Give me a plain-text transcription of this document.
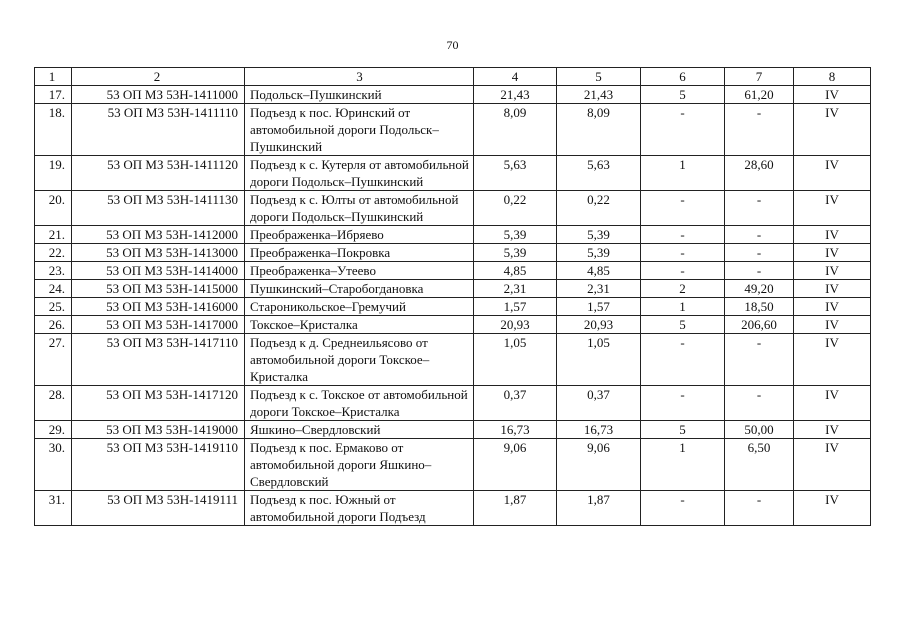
70
1	2	3	4	5	6	7	8
17.	53 ОП МЗ 53Н-1411000	Подольск–Пушкинский	21,43	21,43	5	61,20	IV
18.	53 ОП МЗ 53Н-1411110	Подъезд к пос. Юринский от автомобильной дороги Подольск–Пушкинский	8,09	8,09	-	-	IV
19.	53 ОП МЗ 53Н-1411120	Подъезд к с. Кутерля от автомобильной дороги Подольск–Пушкинский	5,63	5,63	1	28,60	IV
20.	53 ОП МЗ 53Н-1411130	Подъезд к с. Юлты от автомобильной дороги Подольск–Пушкинский	0,22	0,22	-	-	IV
21.	53 ОП МЗ 53Н-1412000	Преображенка–Ибряево	5,39	5,39	-	-	IV
22.	53 ОП МЗ 53Н-1413000	Преображенка–Покровка	5,39	5,39	-	-	IV
23.	53 ОП МЗ 53Н-1414000	Преображенка–Утеево	4,85	4,85	-	-	IV
24.	53 ОП МЗ 53Н-1415000	Пушкинский–Старобогдановка	2,31	2,31	2	49,20	IV
25.	53 ОП МЗ 53Н-1416000	Староникольское–Гремучий	1,57	1,57	1	18,50	IV
26.	53 ОП МЗ 53Н-1417000	Токское–Кристалка	20,93	20,93	5	206,60	IV
27.	53 ОП МЗ 53Н-1417110	Подъезд к д. Среднеильясово от автомобильной дороги Токское–Кристалка	1,05	1,05	-	-	IV
28.	53 ОП МЗ 53Н-1417120	Подъезд к с. Токское от автомобильной дороги Токское–Кристалка	0,37	0,37	-	-	IV
29.	53 ОП МЗ 53Н-1419000	Яшкино–Свердловский	16,73	16,73	5	50,00	IV
30.	53 ОП МЗ 53Н-1419110	Подъезд к пос. Ермаково от автомобильной дороги Яшкино–Свердловский	9,06	9,06	1	6,50	IV
31.	53 ОП МЗ 53Н-1419111	Подъезд к пос. Южный от автомобильной дороги Подъезд	1,87	1,87	-	-	IV
